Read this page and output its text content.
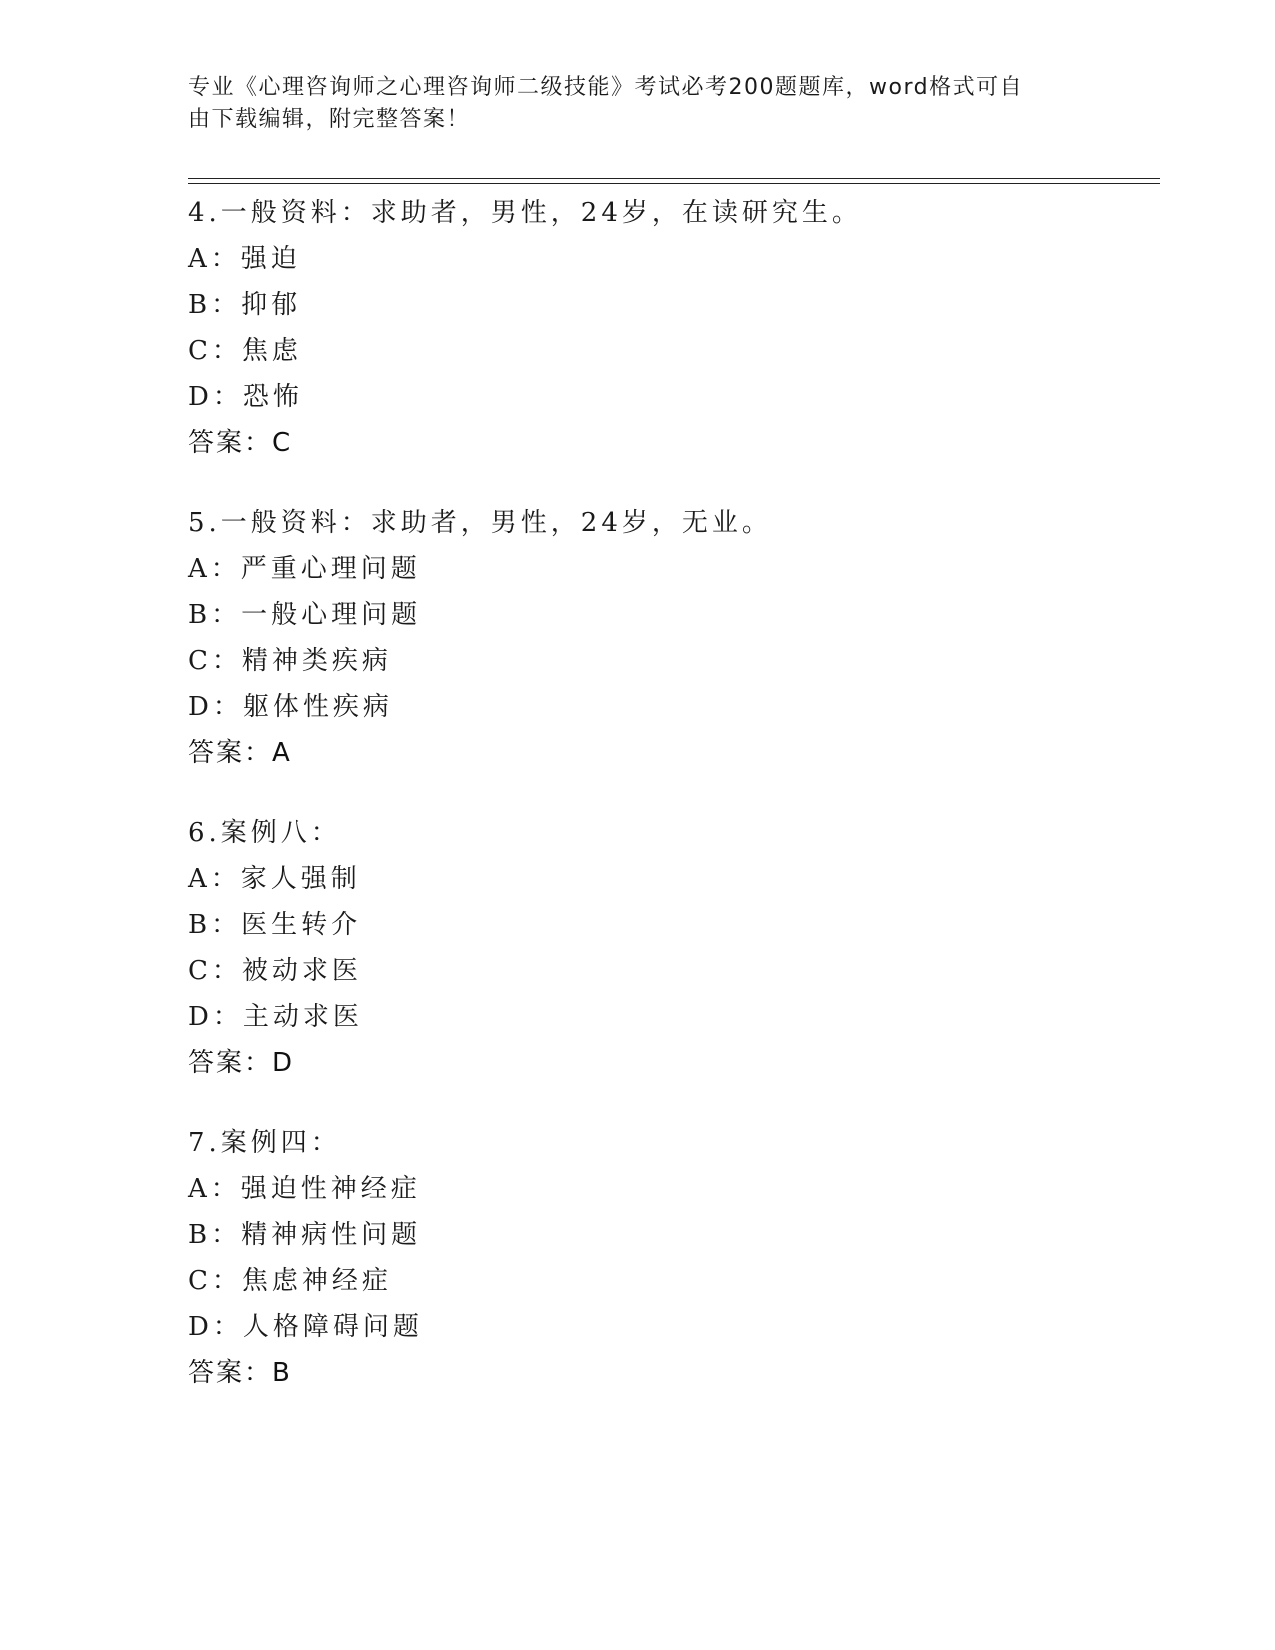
专业《心理咨询师之心理咨询师二级技能》考试必考200题题库，word格式可自
由下载编辑，附完整答案！
4.一般资料：求助者，男性，24岁，在读研究生。
A：强迫
B：抑郁
C：焦虑
D：恐怖
答案：C
5.一般资料：求助者，男性，24岁，无业。
A：严重心理问题
B：一般心理问题
C：精神类疾病
D：躯体性疾病
答案：A
6.案例八：
A：家人强制
B：医生转介
C：被动求医
D：主动求医
答案：D
7.案例四：
A：强迫性神经症
B：精神病性问题
C：焦虑神经症
D：人格障碍问题
答案：B
